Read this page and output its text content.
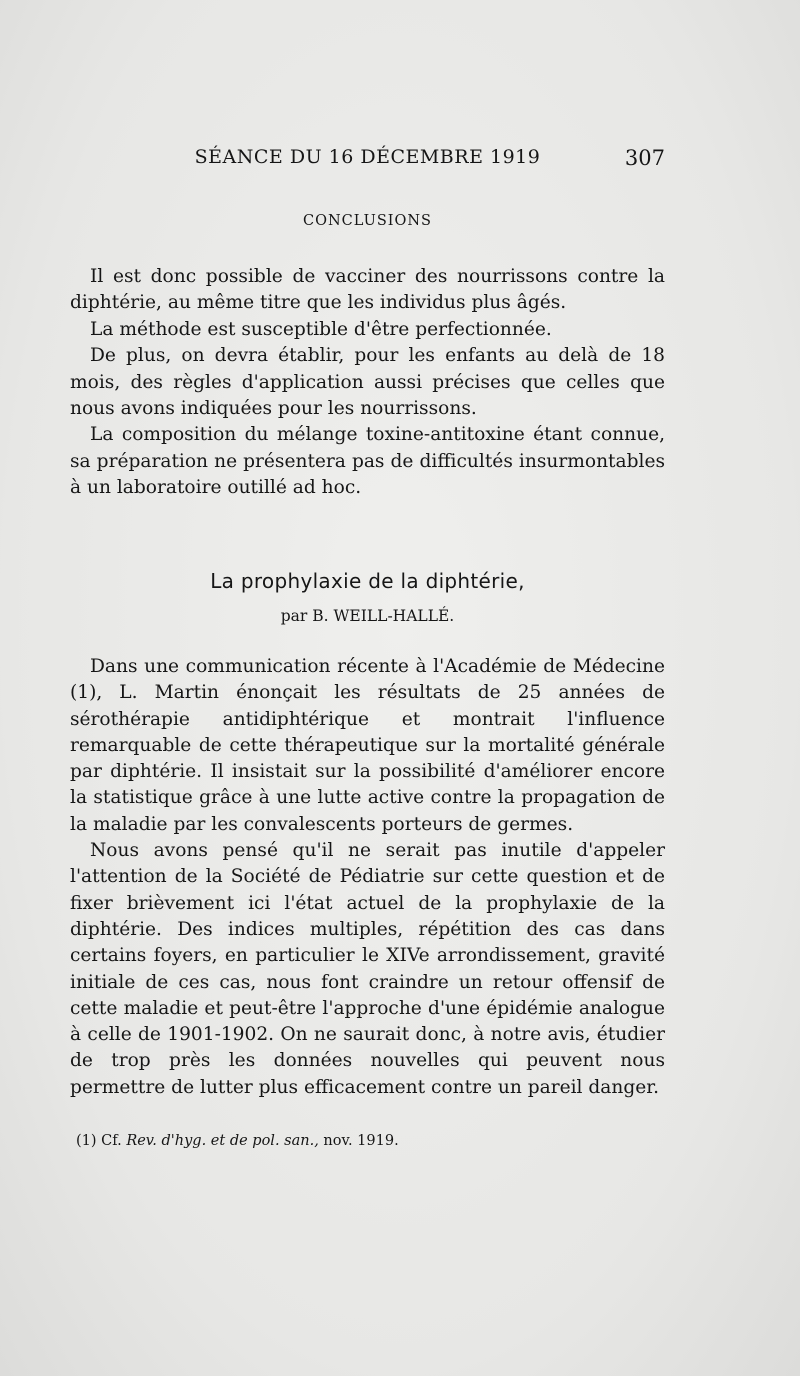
SÉANCE DU 16 DÉCEMBRE 1919	307
CONCLUSIONS

Il est donc possible de vacciner des nourrissons contre la diphtérie, au même titre que les individus plus âgés.

La méthode est susceptible d'être perfectionnée.

De plus, on devra établir, pour les enfants au delà de 18 mois, des règles d'application aussi précises que celles que nous avons indiquées pour les nourrissons.

La composition du mélange toxine-antitoxine étant connue, sa préparation ne présentera pas de difficultés insurmontables à un laboratoire outillé ad hoc.

La prophylaxie de la diphtérie,
par B. WEILL-HALLÉ.

Dans une communication récente à l'Académie de Médecine (1), L. Martin énonçait les résultats de 25 années de sérothérapie antidiphtérique et montrait l'influence remarquable de cette thérapeutique sur la mortalité générale par diphtérie. Il insistait sur la possibilité d'améliorer encore la statistique grâce à une lutte active contre la propagation de la maladie par les convalescents porteurs de germes.

Nous avons pensé qu'il ne serait pas inutile d'appeler l'attention de la Société de Pédiatrie sur cette question et de fixer brièvement ici l'état actuel de la prophylaxie de la diphtérie. Des indices multiples, répétition des cas dans certains foyers, en particulier le XIVe arrondissement, gravité initiale de ces cas, nous font craindre un retour offensif de cette maladie et peut-être l'approche d'une épidémie analogue à celle de 1901-1902. On ne saurait donc, à notre avis, étudier de trop près les données nouvelles qui peuvent nous permettre de lutter plus efficacement contre un pareil danger.

(1) Cf. Rev. d'hyg. et de pol. san., nov. 1919.
